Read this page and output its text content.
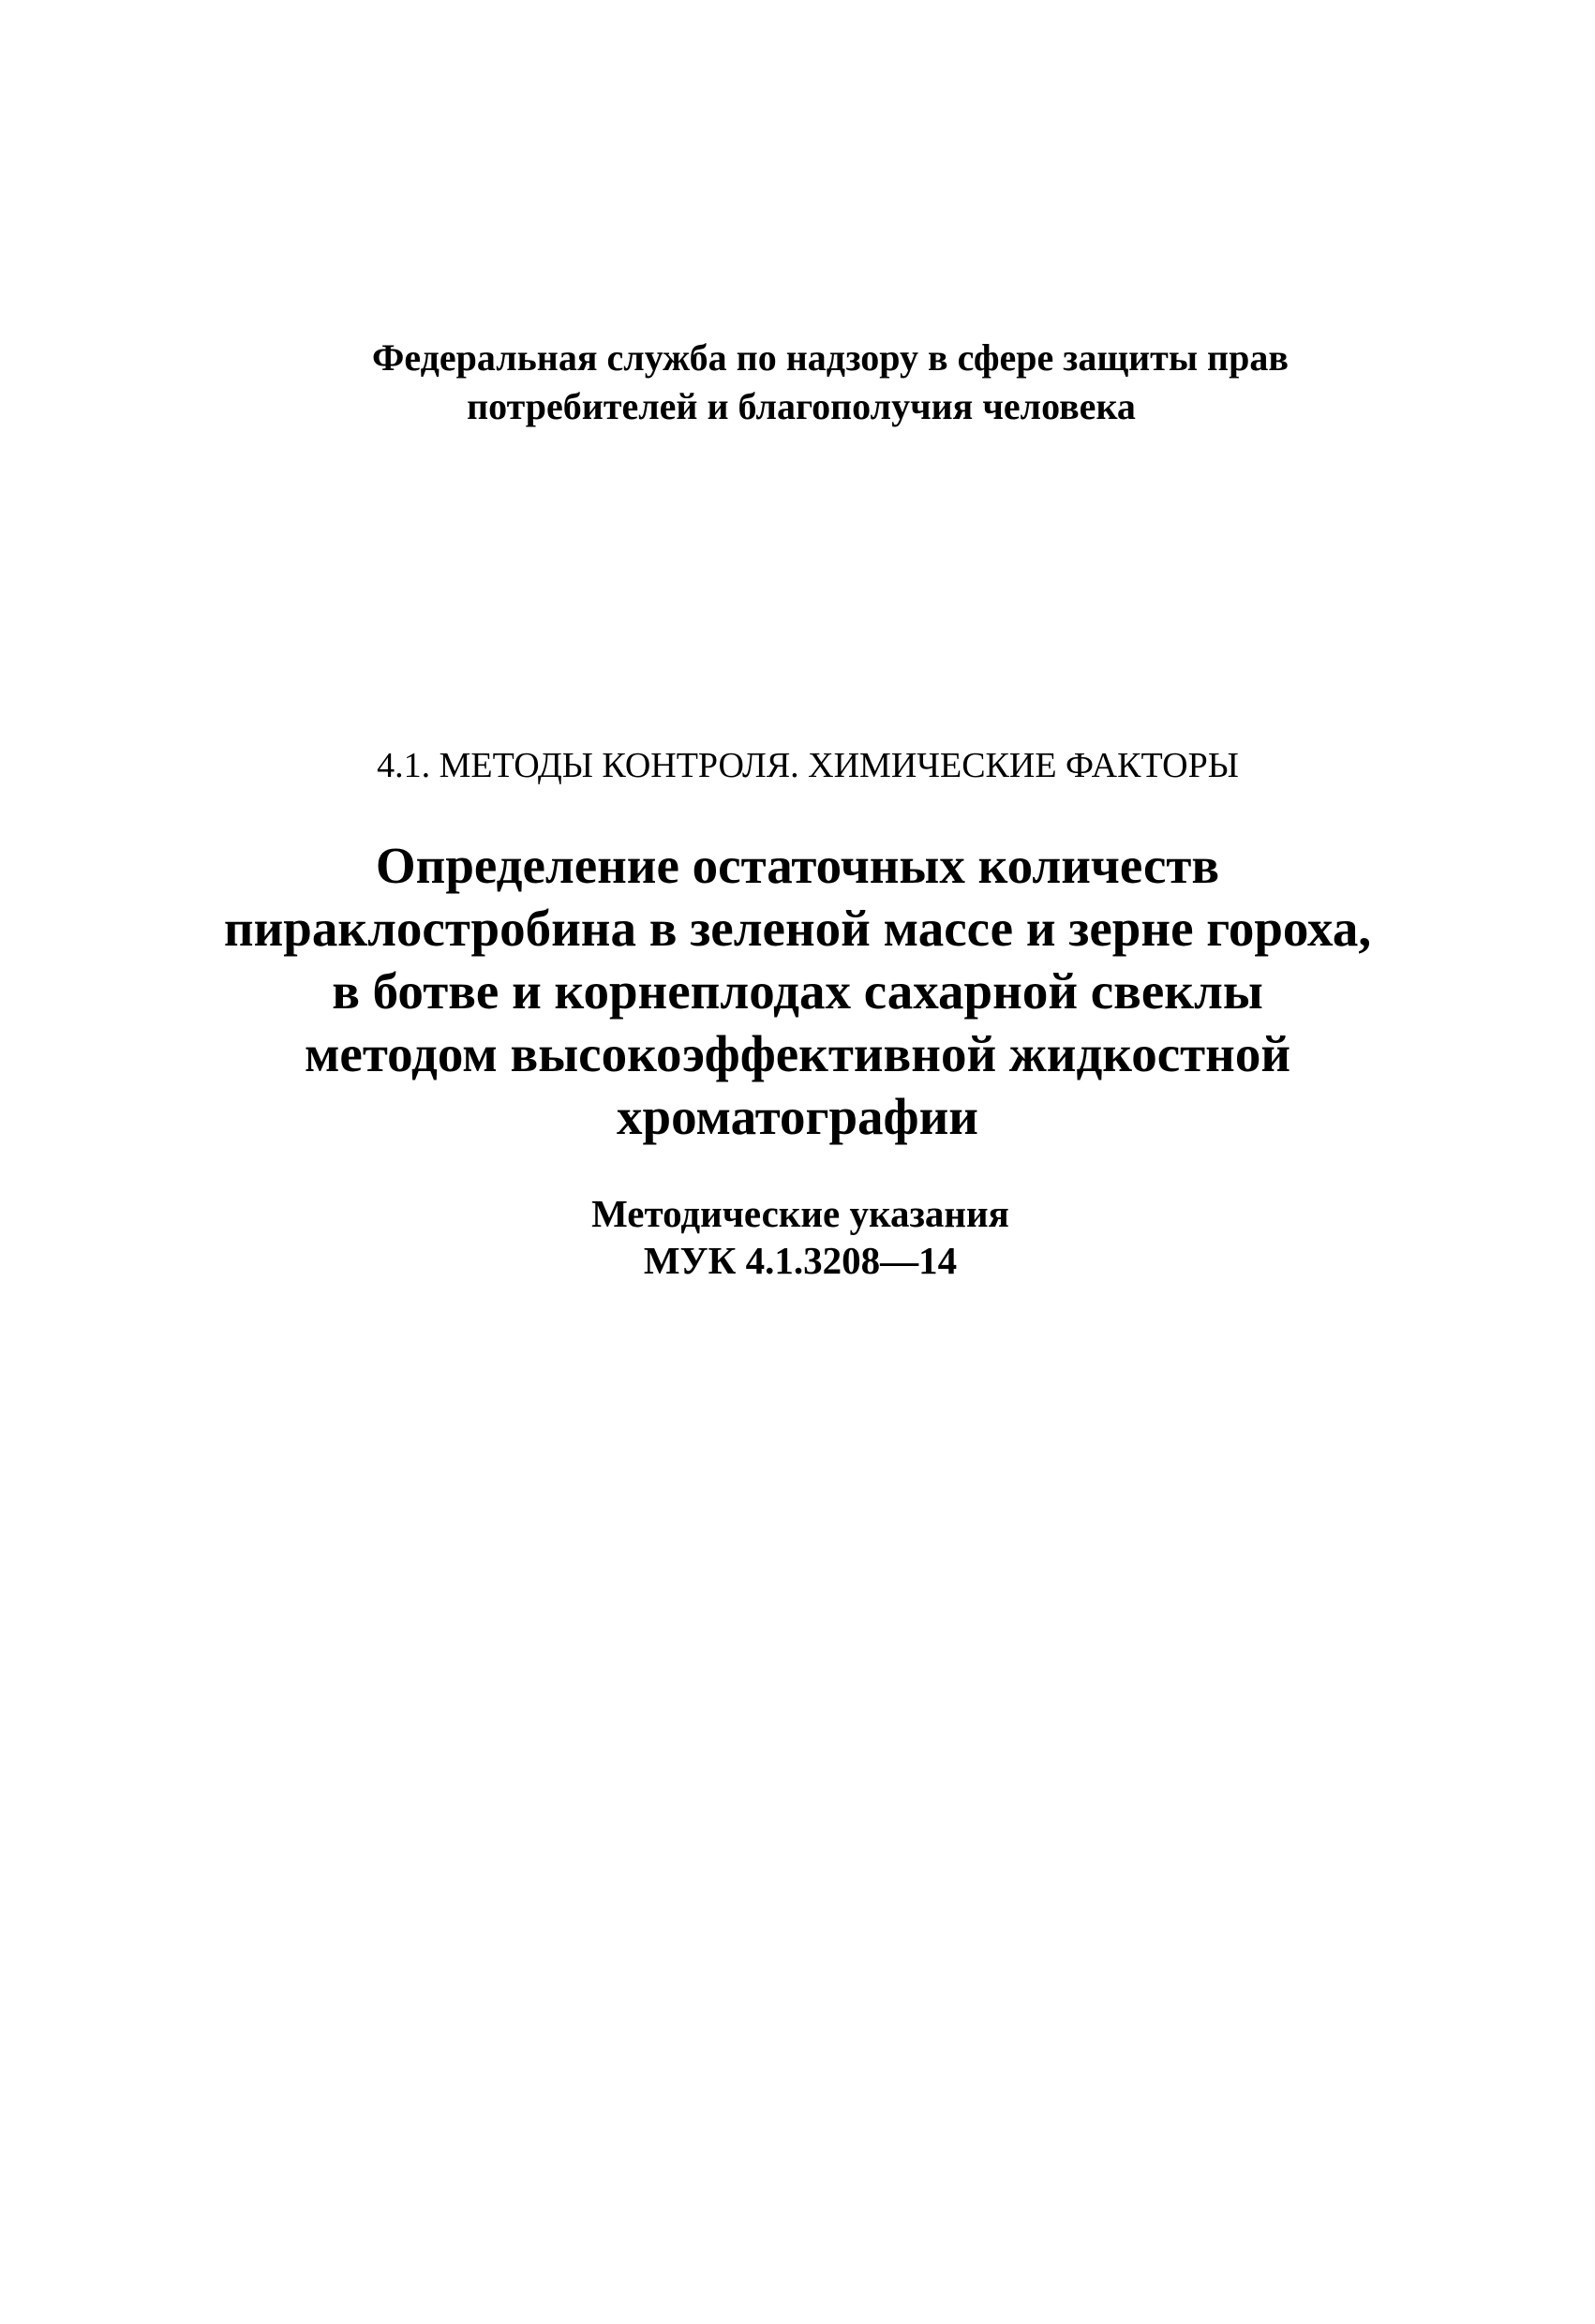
Федеральная служба по надзору в сфере защиты прав
потребителей и благополучия человека
4.1. МЕТОДЫ КОНТРОЛЯ. ХИМИЧЕСКИЕ ФАКТОРЫ
Определение остаточных количеств
пираклостробина в зеленой массе и зерне гороха,
в ботве и корнеплодах сахарной свеклы
методом высокоэффективной жидкостной
хроматографии
Методические указания
МУК 4.1.3208—14
